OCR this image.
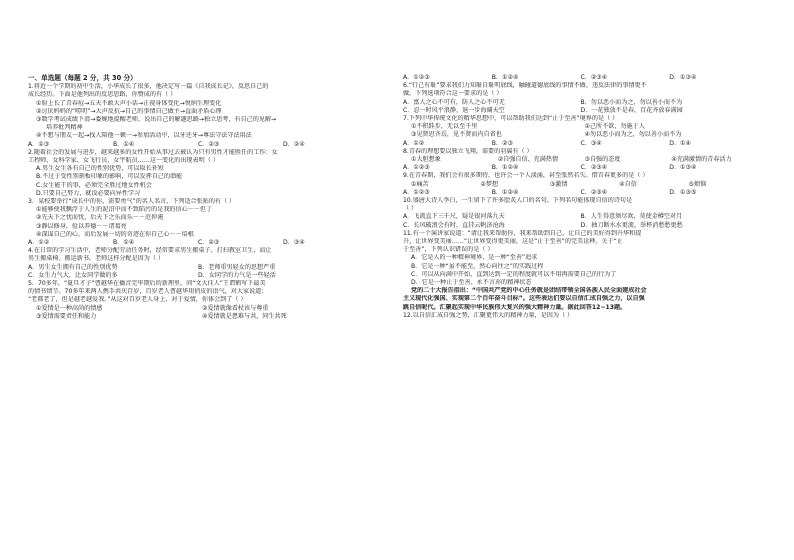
一、单选题（每题 2 分，共 30 分）
1.将近一个学期的初中生活，小华成长了很多，他决定写一篇《自我成长记》，反思自己的
成长经历。下面是他列出的反思思路，你赞成的有（ ）
①脸上长了青春痘→五天不敢大声小话→正视身体变化→悦纳生理变化
②讨厌妈妈的“唠叨”→大声反抗→自己的事情自己做主→直面矛盾心理
③数学考试成绩下滑→委婉地提醒老师，说出自己的解题思路→独立思考，有自己的见解→
培养批判精神
④不想与朋友一起→找人陪他一顿一→参加活动中，以牙还牙→尊法守法守法用法
A．①③	B．①④	C．②③	D．②④
2.随着社会的发展与进步，越来越多的女性开始从事过去被认为只有男性才能胜任的工作：女
工程师、女科学家、女飞行员、女宇航员……这一变化的出现表明（ ）
A.男生女生各有自己的性别优势，可以取长补短
B.不过于受性别刻板印象的影响，可以发挥自己的潜能
C.女生能干的事，必须完全胜过地女性机会
D.只要自己努力，就没必要向异性学习
3．某校要举行“成长中的你，需要勇气”的名人名言，下列适合张贴的有（ ）
①能够使我飘浮于人生的泥沼中而不致陷污的是我的信心－－但丁
②先天下之忧而忧，后天下之乐而乐－－范仲淹
③静以修身，俭以养德－－诸葛亮
④深谋自己的心，而后发展一切的奇迹在你自己心－－培根
A．①②	B．①④	C．②③	D．③④
4.在日常的学习生活中，老师分配劳动任务时，经常要求男生搬桌子、打扫教室卫生，而让
男生搬桌椅、搬运新书。老师这样分配是因为（ ）
A．男生女生拥有自己的性别优势	B．老师重男轻女的思想严重
C．女生力气大，比女同学做的多	D．女同学的力气是一些轻活
5．70多年，“夏旦才子”曹越华在播音完毕期后的新理里，问“文大佳人”王谓鹤写下最美
的情书情节。70多年来两人携手共庆百岁，百岁老人曹越华用俏皮的语气，对大家说道：
“老都老了，但是越老越爱我。”从这对百岁老人身上，对于爱情，你体会到了（ ）
①爱情是一种高尚的情感	②爱情就像看杖该与尊重
③爱情需要责任和能力	④爱情就是患难与共，同生共死
A．①②③	B．①②④	C．②③④	D．①③④
6.“行己有耻”要求我们力知耻自耻明底线，触碰道德底线的事情不做。违反法律的事情更不
做。下列选项符合这一要求的是（ ）
A．富人之心不可有，防人之心不可无	B．勿以恶小而为之，勿以善小而不为
C．忍一时风平浪静，退一步海阔天空	D．一花独放不是春，百花齐放春满园
7.下列中华传统文化的精华思想中，可以帮助我们达到“止于至善”境界的是（ ）
①不积跬步，无以至千里	②己所不欲，勿施于人
③见贤思齐焉，见不贤而内自省也	④勿以恶小而为之，勿以善小而不为
A．①②	B．②③	C．③④	D．①④
8.青春的理想要以独立飞翔，需要的羽翼有（ ）
①大胆想象	②自强自信、充满热情	③自强的态度	④充满激情的青春活力
A．①②③	B．①②④	C．②③④	D．①③④
9.在青春期，我们会有很多期待，也许会一个人淡涌，甚至张然若失。借青春更多的是（ ）
①痛苦	②梦想	③激情	④自信	⑤烦恼
A．①②③	B．①②④	C．②③④	D．①③⑤
10.盛唐大诗人李白，一生留下了许多脍炙人口的名句。下列名句能体现自信的诗句是
（ ）
A．飞流直下三千尺，疑是银河落九天	B．人生得意须尽欢，莫使金樽空对月
C．长风破浪会有时，直挂云帆济沧海	D．抽刀断水水更流，举杯消愁愁更愁
11.有一个演讲家说道：“请让我来帮助你，我来帮助到自己，让自己的美好得到升华和提
升，让世界变美丽……”让世界变得更美丽，这是“止于至善”的完美诠释。关于“止
于至善”，下列认识错误的是（ ）
A．它是人的一种精神境界，是一种“至善”追求
B．它是一种“虽不能至，然心向往之”的实践过程
C．可以从向满中开始，直到达到一定的程度就可以不用再需要自己的行为了
D．它是一种止于至善、永不言弃的精神状态
党的二十大报告指出：“中国共产党的中心任务就是团结带领全国各族人民全面建成社会
主义现代化强国、实现第二个百年奋斗目标”。这些表达们要以自信汇成自强之力，以自强
跳自信呢代。汇聚起实现中华民族伟大复兴的强大精神力量。据此回答12~13题。
12.以自信汇成自强之势，汇聚更伟大的精神力量，是因为（ ）
